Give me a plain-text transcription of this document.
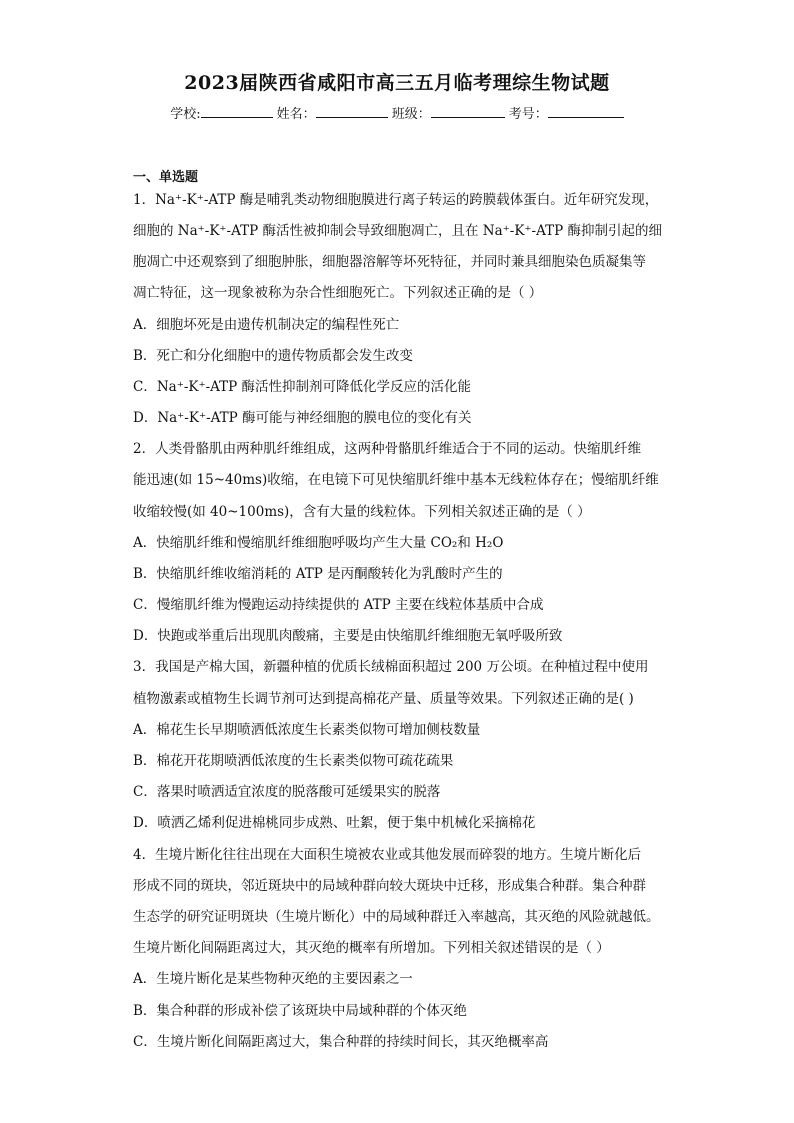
2023届陕西省咸阳市高三五月临考理综生物试题
学校:	姓名：	班级：	考号：
一、单选题
1．Na⁺-K⁺-ATP 酶是哺乳类动物细胞膜进行离子转运的跨膜载体蛋白。近年研究发现，
细胞的 Na⁺-K⁺-ATP 酶活性被抑制会导致细胞凋亡，且在 Na⁺-K⁺-ATP 酶抑制引起的细
胞凋亡中还观察到了细胞肿胀，细胞器溶解等坏死特征，并同时兼具细胞染色质凝集等
凋亡特征，这一现象被称为杂合性细胞死亡。下列叙述正确的是（ ）
A．细胞坏死是由遗传机制决定的编程性死亡
B．死亡和分化细胞中的遗传物质都会发生改变
C．Na⁺-K⁺-ATP 酶活性抑制剂可降低化学反应的活化能
D．Na⁺-K⁺-ATP 酶可能与神经细胞的膜电位的变化有关
2．人类骨骼肌由两种肌纤维组成，这两种骨骼肌纤维适合于不同的运动。快缩肌纤维
能迅速(如 15~40ms)收缩，在电镜下可见快缩肌纤维中基本无线粒体存在；慢缩肌纤维
收缩较慢(如 40~100ms)，含有大量的线粒体。下列相关叙述正确的是（ ）
A．快缩肌纤维和慢缩肌纤维细胞呼吸均产生大量 CO₂和 H₂O
B．快缩肌纤维收缩消耗的 ATP 是丙酮酸转化为乳酸时产生的
C．慢缩肌纤维为慢跑运动持续提供的 ATP 主要在线粒体基质中合成
D．快跑或举重后出现肌肉酸痛，主要是由快缩肌纤维细胞无氧呼吸所致
3．我国是产棉大国，新疆种植的优质长绒棉面积超过 200 万公顷。在种植过程中使用
植物激素或植物生长调节剂可达到提高棉花产量、质量等效果。下列叙述正确的是( )
A．棉花生长早期喷洒低浓度生长素类似物可增加侧枝数量
B．棉花开花期喷洒低浓度的生长素类似物可疏花疏果
C．落果时喷洒适宜浓度的脱落酸可延缓果实的脱落
D．喷洒乙烯利促进棉桃同步成熟、吐絮，便于集中机械化采摘棉花
4．生境片断化往往出现在大面积生境被农业或其他发展而碎裂的地方。生境片断化后
形成不同的斑块，邻近斑块中的局域种群向较大斑块中迁移，形成集合种群。集合种群
生态学的研究证明斑块（生境片断化）中的局域种群迁入率越高，其灭绝的风险就越低。
生境片断化间隔距离过大，其灭绝的概率有所增加。下列相关叙述错误的是（ ）
A．生境片断化是某些物种灭绝的主要因素之一
B．集合种群的形成补偿了该斑块中局域种群的个体灭绝
C．生境片断化间隔距离过大，集合种群的持续时间长，其灭绝概率高
